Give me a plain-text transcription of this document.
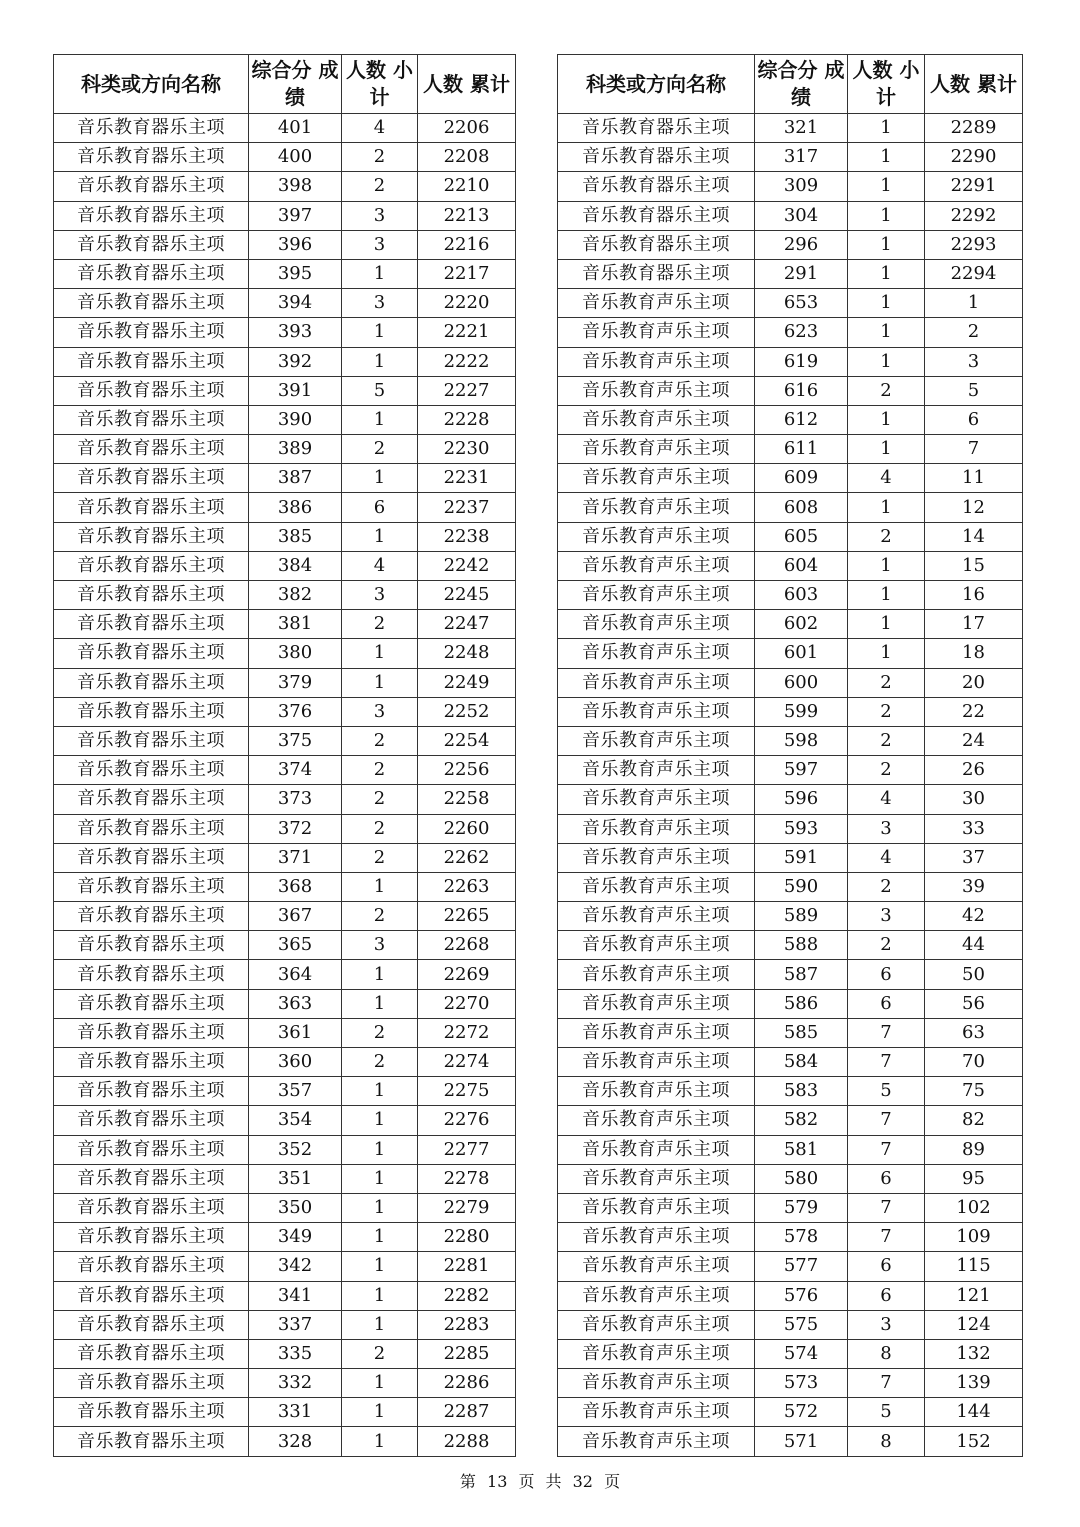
科类或方向名称	综合分 成绩	人数 小计	人数 累计
音乐教育器乐主项	401	4	2206
音乐教育器乐主项	400	2	2208
音乐教育器乐主项	398	2	2210
音乐教育器乐主项	397	3	2213
音乐教育器乐主项	396	3	2216
音乐教育器乐主项	395	1	2217
音乐教育器乐主项	394	3	2220
音乐教育器乐主项	393	1	2221
音乐教育器乐主项	392	1	2222
音乐教育器乐主项	391	5	2227
音乐教育器乐主项	390	1	2228
音乐教育器乐主项	389	2	2230
音乐教育器乐主项	387	1	2231
音乐教育器乐主项	386	6	2237
音乐教育器乐主项	385	1	2238
音乐教育器乐主项	384	4	2242
音乐教育器乐主项	382	3	2245
音乐教育器乐主项	381	2	2247
音乐教育器乐主项	380	1	2248
音乐教育器乐主项	379	1	2249
音乐教育器乐主项	376	3	2252
音乐教育器乐主项	375	2	2254
音乐教育器乐主项	374	2	2256
音乐教育器乐主项	373	2	2258
音乐教育器乐主项	372	2	2260
音乐教育器乐主项	371	2	2262
音乐教育器乐主项	368	1	2263
音乐教育器乐主项	367	2	2265
音乐教育器乐主项	365	3	2268
音乐教育器乐主项	364	1	2269
音乐教育器乐主项	363	1	2270
音乐教育器乐主项	361	2	2272
音乐教育器乐主项	360	2	2274
音乐教育器乐主项	357	1	2275
音乐教育器乐主项	354	1	2276
音乐教育器乐主项	352	1	2277
音乐教育器乐主项	351	1	2278
音乐教育器乐主项	350	1	2279
音乐教育器乐主项	349	1	2280
音乐教育器乐主项	342	1	2281
音乐教育器乐主项	341	1	2282
音乐教育器乐主项	337	1	2283
音乐教育器乐主项	335	2	2285
音乐教育器乐主项	332	1	2286
音乐教育器乐主项	331	1	2287
音乐教育器乐主项	328	1	2288
科类或方向名称	综合分 成绩	人数 小计	人数 累计
音乐教育器乐主项	321	1	2289
音乐教育器乐主项	317	1	2290
音乐教育器乐主项	309	1	2291
音乐教育器乐主项	304	1	2292
音乐教育器乐主项	296	1	2293
音乐教育器乐主项	291	1	2294
音乐教育声乐主项	653	1	1
音乐教育声乐主项	623	1	2
音乐教育声乐主项	619	1	3
音乐教育声乐主项	616	2	5
音乐教育声乐主项	612	1	6
音乐教育声乐主项	611	1	7
音乐教育声乐主项	609	4	11
音乐教育声乐主项	608	1	12
音乐教育声乐主项	605	2	14
音乐教育声乐主项	604	1	15
音乐教育声乐主项	603	1	16
音乐教育声乐主项	602	1	17
音乐教育声乐主项	601	1	18
音乐教育声乐主项	600	2	20
音乐教育声乐主项	599	2	22
音乐教育声乐主项	598	2	24
音乐教育声乐主项	597	2	26
音乐教育声乐主项	596	4	30
音乐教育声乐主项	593	3	33
音乐教育声乐主项	591	4	37
音乐教育声乐主项	590	2	39
音乐教育声乐主项	589	3	42
音乐教育声乐主项	588	2	44
音乐教育声乐主项	587	6	50
音乐教育声乐主项	586	6	56
音乐教育声乐主项	585	7	63
音乐教育声乐主项	584	7	70
音乐教育声乐主项	583	5	75
音乐教育声乐主项	582	7	82
音乐教育声乐主项	581	7	89
音乐教育声乐主项	580	6	95
音乐教育声乐主项	579	7	102
音乐教育声乐主项	578	7	109
音乐教育声乐主项	577	6	115
音乐教育声乐主项	576	6	121
音乐教育声乐主项	575	3	124
音乐教育声乐主项	574	8	132
音乐教育声乐主项	573	7	139
音乐教育声乐主项	572	5	144
音乐教育声乐主项	571	8	152
第 13 页 共 32 页
